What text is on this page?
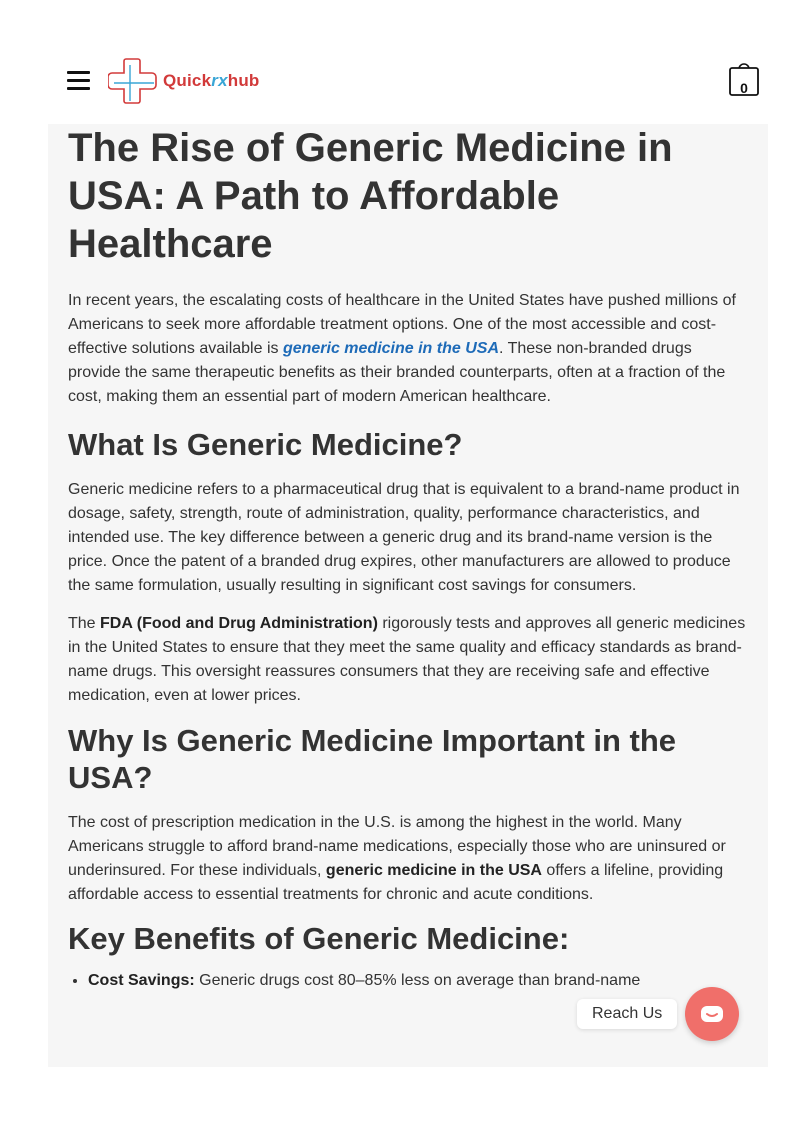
Quickrxhub	0
The Rise of Generic Medicine in USA: A Path to Affordable Healthcare

In recent years, the escalating costs of healthcare in the United States have pushed millions of Americans to seek more affordable treatment options. One of the most accessible and cost-effective solutions available is generic medicine in the USA. These non-branded drugs provide the same therapeutic benefits as their branded counterparts, often at a fraction of the cost, making them an essential part of modern American healthcare.

What Is Generic Medicine?

Generic medicine refers to a pharmaceutical drug that is equivalent to a brand-name product in dosage, safety, strength, route of administration, quality, performance characteristics, and intended use. The key difference between a generic drug and its brand-name version is the price. Once the patent of a branded drug expires, other manufacturers are allowed to produce the same formulation, usually resulting in significant cost savings for consumers.

The FDA (Food and Drug Administration) rigorously tests and approves all generic medicines in the United States to ensure that they meet the same quality and efficacy standards as brand-name drugs. This oversight reassures consumers that they are receiving safe and effective medication, even at lower prices.

Why Is Generic Medicine Important in the USA?

The cost of prescription medication in the U.S. is among the highest in the world. Many Americans struggle to afford brand-name medications, especially those who are uninsured or underinsured. For these individuals, generic medicine in the USA offers a lifeline, providing affordable access to essential treatments for chronic and acute conditions.

Key Benefits of Generic Medicine:
• Cost Savings: Generic drugs cost 80–85% less on average than brand-name
Reach Us
